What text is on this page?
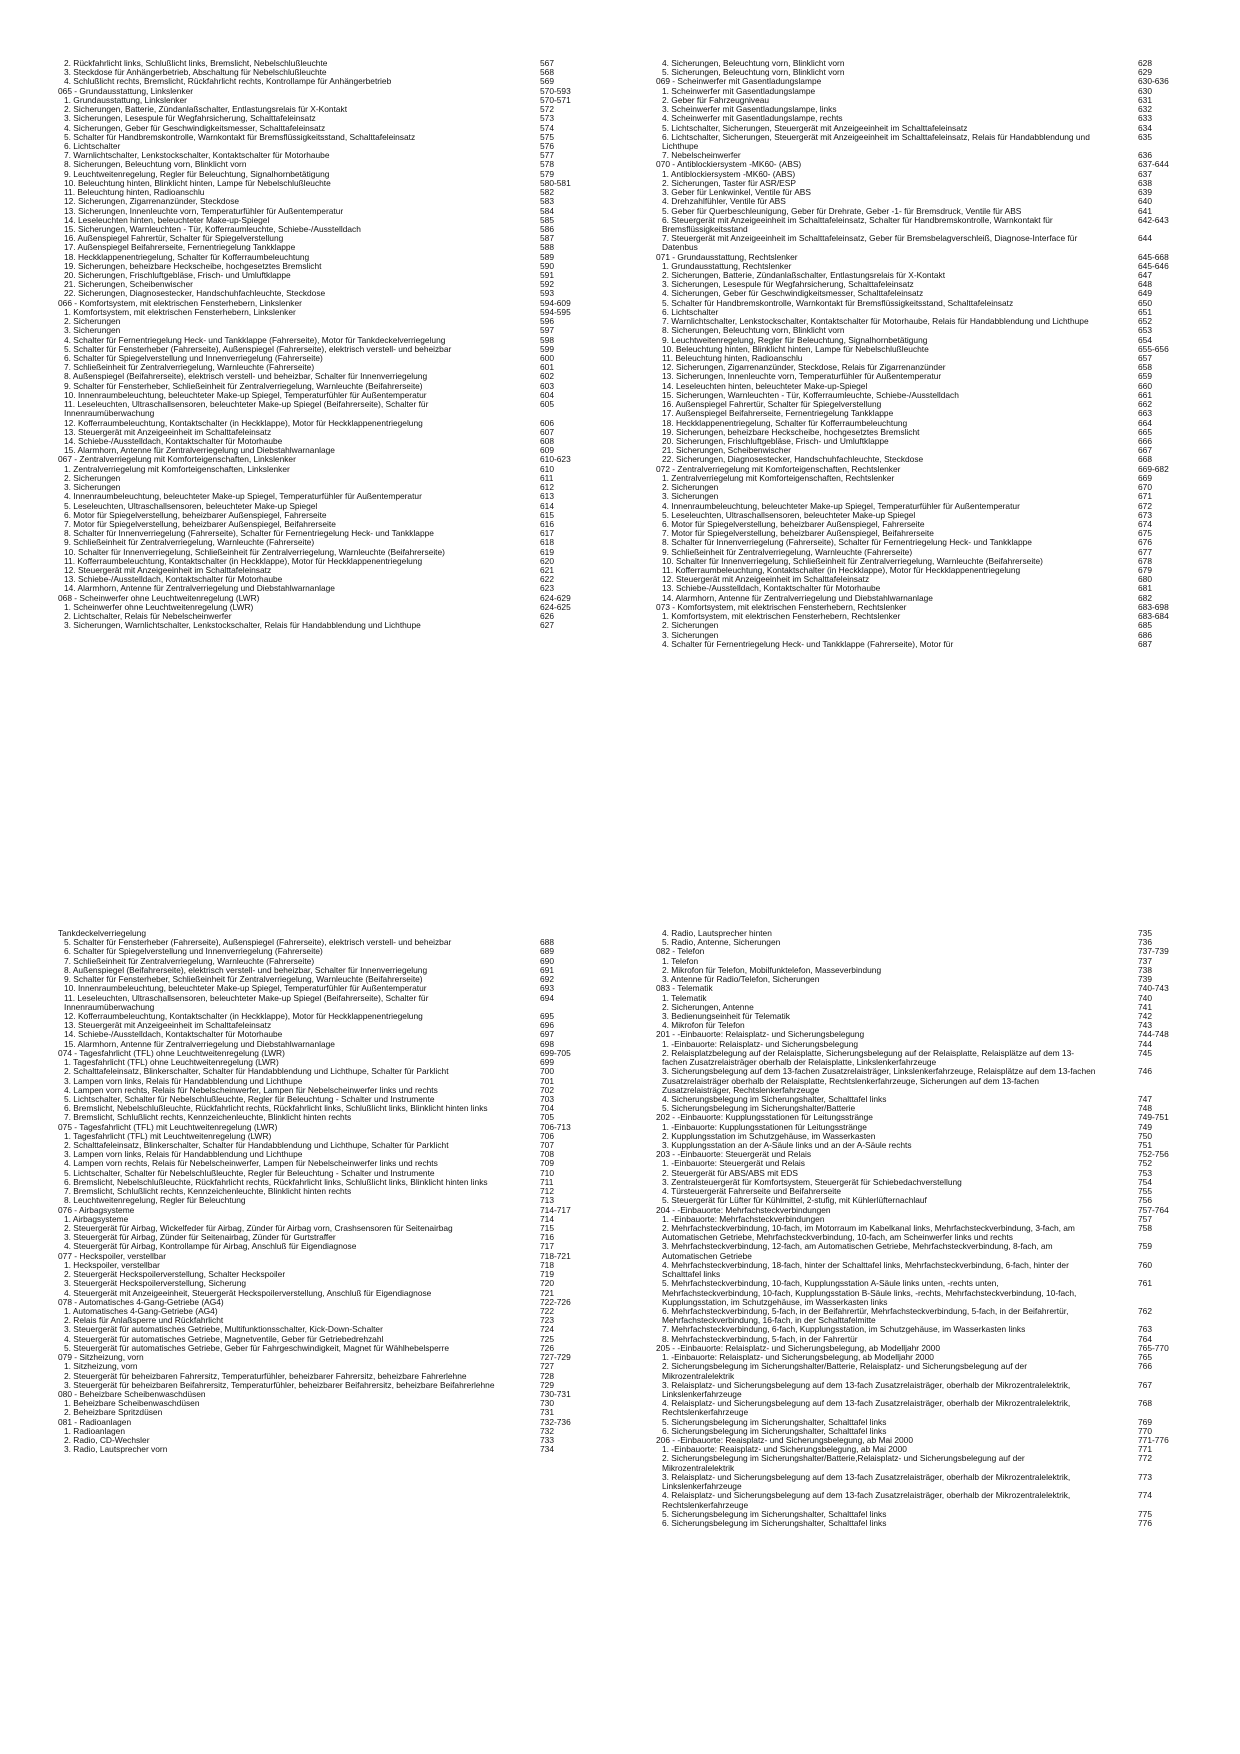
2. Rückfahrlicht links, Schlußlicht links, Bremslicht, Nebelschlußleuchte	567
3. Steckdose für Anhängerbetrieb, Abschaltung für Nebelschlußleuchte	568
4. Schlußlicht rechts, Bremslicht, Rückfahrlicht rechts, Kontrollampe für Anhängerbetrieb	569
065 - Grundausstattung, Linkslenker	570-593
1. Grundausstattung, Linkslenker	570-571
2. Sicherungen, Batterie, Zündanlaßschalter, Entlastungsrelais für X-Kontakt	572
3. Sicherungen, Lesespule für Wegfahrsicherung, Schalttafeleinsatz	573
4. Sicherungen, Geber für Geschwindigkeitsmesser, Schalttafeleinsatz	574
5. Schalter für Handbremskontrolle, Warnkontakt für Bremsflüssigkeitsstand, Schalttafeleinsatz	575
6. Lichtschalter	576
7. Warnlichtschalter, Lenkstockschalter, Kontaktschalter für Motorhaube	577
8. Sicherungen, Beleuchtung vorn, Blinklicht vorn	578
9. Leuchtweitenregelung, Regler für Beleuchtung, Signalhornbetätigung	579
10. Beleuchtung hinten, Blinklicht hinten, Lampe für Nebelschlußleuchte	580-581
11. Beleuchtung hinten, Radioanschlu	582
12. Sicherungen, Zigarrenanzünder, Steckdose	583
13. Sicherungen, Innenleuchte vorn, Temperaturfühler für Außentemperatur	584
14. Leseleuchten hinten, beleuchteter Make-up-Spiegel	585
15. Sicherungen, Warnleuchten - Tür, Kofferraumleuchte, Schiebe-/Ausstelldach	586
16. Außenspiegel Fahrertür, Schalter für Spiegelverstellung	587
17. Außenspiegel Beifahrerseite, Fernentriegelung Tankklappe	588
18. Heckklappenentriegelung, Schalter für Kofferraumbeleuchtung	589
19. Sicherungen, beheizbare Heckscheibe, hochgesetztes Bremslicht	590
20. Sicherungen, Frischluftgebläse, Frisch- und Umluftklappe	591
21. Sicherungen, Scheibenwischer	592
22. Sicherungen, Diagnosestecker, Handschuhfachleuchte, Steckdose	593
066 - Komfortsystem, mit elektrischen Fensterhebern, Linkslenker	594-609
1. Komfortsystem, mit elektrischen Fensterhebern, Linkslenker	594-595
2. Sicherungen	596
3. Sicherungen	597
4. Schalter für Fernentriegelung Heck- und Tankklappe (Fahrerseite), Motor für Tankdeckelverriegelung	598
5. Schalter für Fensterheber (Fahrerseite), Außenspiegel (Fahrerseite), elektrisch verstell- und beheizbar	599
6. Schalter für Spiegelverstellung und Innenverriegelung (Fahrerseite)	600
7. Schließeinheit für Zentralverriegelung, Warnleuchte (Fahrerseite)	601
8. Außenspiegel (Beifahrerseite), elektrisch verstell- und beheizbar, Schalter für Innenverriegelung	602
9. Schalter für Fensterheber, Schließeinheit für Zentralverriegelung, Warnleuchte (Beifahrerseite)	603
10. Innenraumbeleuchtung, beleuchteter Make-up Spiegel, Temperaturfühler für Außentemperatur	604
11. Leseleuchten, Ultraschallsensoren, beleuchteter Make-up Spiegel (Beifahrerseite), Schalter für Innenraumüberwachung
605
12. Kofferraumbeleuchtung, Kontaktschalter (in Heckklappe), Motor für Heckklappenentriegelung	606
13. Steuergerät mit Anzeigeeinheit im Schalttafeleinsatz	607
14. Schiebe-/Ausstelldach, Kontaktschalter für Motorhaube	608
15. Alarmhorn, Antenne für Zentralverriegelung und Diebstahlwarnanlage	609
067 - Zentralverriegelung mit Komforteigenschaften, Linkslenker	610-623
1. Zentralverriegelung mit Komforteigenschaften, Linkslenker	610
2. Sicherungen	611
3. Sicherungen	612
4. Innenraumbeleuchtung, beleuchteter Make-up Spiegel, Temperaturfühler für Außentemperatur	613
5. Leseleuchten, Ultraschallsensoren, beleuchteter Make-up Spiegel	614
6. Motor für Spiegelverstellung, beheizbarer Außenspiegel, Fahrerseite	615
7. Motor für Spiegelverstellung, beheizbarer Außenspiegel, Beifahrerseite	616
8. Schalter für Innenverriegelung (Fahrerseite), Schalter für Fernentriegelung Heck- und Tankklappe	617
9. Schließeinheit für Zentralverriegelung, Warnleuchte (Fahrerseite)	618
10. Schalter für Innenverriegelung, Schließeinheit für Zentralverriegelung, Warnleuchte (Beifahrerseite)	619
11. Kofferraumbeleuchtung, Kontaktschalter (in Heckklappe), Motor für Heckklappenentriegelung	620
12. Steuergerät mit Anzeigeeinheit im Schalttafeleinsatz	621
13. Schiebe-/Ausstelldach, Kontaktschalter für Motorhaube	622
14. Alarmhorn, Antenne für Zentralverriegelung und Diebstahlwarnanlage	623
068 - Scheinwerfer ohne Leuchtweitenregelung (LWR)	624-629
1. Scheinwerfer ohne Leuchtweitenregelung (LWR)	624-625
2. Lichtschalter, Relais für Nebelscheinwerfer	626
3. Sicherungen, Warnlichtschalter, Lenkstockschalter, Relais für Handabblendung und Lichthupe	627
4. Sicherungen, Beleuchtung vorn, Blinklicht vorn	628
5. Sicherungen, Beleuchtung vorn, Blinklicht vorn	629
069 - Scheinwerfer mit Gasentladungslampe	630-636
1. Scheinwerfer mit Gasentladungslampe	630
2. Geber für Fahrzeugniveau	631
3. Scheinwerfer mit Gasentladungslampe, links	632
4. Scheinwerfer mit Gasentladungslampe, rechts	633
5. Lichtschalter, Sicherungen, Steuergerät mit Anzeigeeinheit im Schalttafeleinsatz	634
6. Lichtschalter, Sicherungen, Steuergerät mit Anzeigeeinheit im Schalttafeleinsatz, Relais für Handabblendung und Lichthupe
635
7. Nebelscheinwerfer	636
070 - Antiblockiersystem -MK60- (ABS)	637-644
1. Antiblockiersystem -MK60- (ABS)	637
2. Sicherungen, Taster für ASR/ESP	638
3. Geber für Lenkwinkel, Ventile für ABS	639
4. Drehzahlfühler, Ventile für ABS	640
5. Geber für Querbeschleunigung, Geber für Drehrate, Geber -1- für Bremsdruck, Ventile für ABS	641
6. Steuergerät mit Anzeigeeinheit im Schalttafeleinsatz, Schalter für Handbremskontrolle, Warnkontakt für Bremsflüssigkeitsstand
642-643
7. Steuergerät mit Anzeigeeinheit im Schalttafeleinsatz, Geber für Bremsbelagverschleiß, Diagnose-Interface für Datenbus
644
071 - Grundausstattung, Rechtslenker	645-668
1. Grundausstattung, Rechtslenker	645-646
2. Sicherungen, Batterie, Zündanlaßschalter, Entlastungsrelais für X-Kontakt	647
3. Sicherungen, Lesespule für Wegfahrsicherung, Schalttafeleinsatz	648
4. Sicherungen, Geber für Geschwindigkeitsmesser, Schalttafeleinsatz	649
5. Schalter für Handbremskontrolle, Warnkontakt für Bremsflüssigkeitsstand, Schalttafeleinsatz	650
6. Lichtschalter	651
7. Warnlichtschalter, Lenkstockschalter, Kontaktschalter für Motorhaube, Relais für Handabblendung und Lichthupe	652
8. Sicherungen, Beleuchtung vorn, Blinklicht vorn	653
9. Leuchtweitenregelung, Regler für Beleuchtung, Signalhornbetätigung	654
10. Beleuchtung hinten, Blinklicht hinten, Lampe für Nebelschlußleuchte	655-656
11. Beleuchtung hinten, Radioanschlu	657
12. Sicherungen, Zigarrenanzünder, Steckdose, Relais für Zigarrenanzünder	658
13. Sicherungen, Innenleuchte vorn, Temperaturfühler für Außentemperatur	659
14. Leseleuchten hinten, beleuchteter Make-up-Spiegel	660
15. Sicherungen, Warnleuchten - Tür, Kofferraumleuchte, Schiebe-/Ausstelldach	661
16. Außenspiegel Fahrertür, Schalter für Spiegelverstellung	662
17. Außenspiegel Beifahrerseite, Fernentriegelung Tankklappe	663
18. Heckklappenentriegelung, Schalter für Kofferraumbeleuchtung	664
19. Sicherungen, beheizbare Heckscheibe, hochgesetztes Bremslicht	665
20. Sicherungen, Frischluftgebläse, Frisch- und Umluftklappe	666
21. Sicherungen, Scheibenwischer	667
22. Sicherungen, Diagnosestecker, Handschuhfachleuchte, Steckdose	668
072 - Zentralverriegelung mit Komforteigenschaften, Rechtslenker	669-682
1. Zentralverriegelung mit Komforteigenschaften, Rechtslenker	669
2. Sicherungen	670
3. Sicherungen	671
4. Innenraumbeleuchtung, beleuchteter Make-up Spiegel, Temperaturfühler für Außentemperatur	672
5. Leseleuchten, Ultraschallsensoren, beleuchteter Make-up Spiegel	673
6. Motor für Spiegelverstellung, beheizbarer Außenspiegel, Fahrerseite	674
7. Motor für Spiegelverstellung, beheizbarer Außenspiegel, Beifahrerseite	675
8. Schalter für Innenverriegelung (Fahrerseite), Schalter für Fernentriegelung Heck- und Tankklappe	676
9. Schließeinheit für Zentralverriegelung, Warnleuchte (Fahrerseite)	677
10. Schalter für Innenverriegelung, Schließeinheit für Zentralverriegelung, Warnleuchte (Beifahrerseite)	678
11. Kofferraumbeleuchtung, Kontaktschalter (in Heckklappe), Motor für Heckklappenentriegelung	679
12. Steuergerät mit Anzeigeeinheit im Schalttafeleinsatz	680
13. Schiebe-/Ausstelldach, Kontaktschalter für Motorhaube	681
14. Alarmhorn, Antenne für Zentralverriegelung und Diebstahlwarnanlage	682
073 - Komfortsystem, mit elektrischen Fensterhebern, Rechtslenker	683-698
1. Komfortsystem, mit elektrischen Fensterhebern, Rechtslenker	683-684
2. Sicherungen	685
3. Sicherungen	686
4. Schalter für Fernentriegelung Heck- und Tankklappe (Fahrerseite), Motor für	687
Tankdeckelverriegelung
5. Schalter für Fensterheber (Fahrerseite), Außenspiegel (Fahrerseite), elektrisch verstell- und beheizbar	688
6. Schalter für Spiegelverstellung und Innenverriegelung (Fahrerseite)	689
7. Schließeinheit für Zentralverriegelung, Warnleuchte (Fahrerseite)	690
8. Außenspiegel (Beifahrerseite), elektrisch verstell- und beheizbar, Schalter für Innenverriegelung	691
9. Schalter für Fensterheber, Schließeinheit für Zentralverriegelung, Warnleuchte (Beifahrerseite)	692
10. Innenraumbeleuchtung, beleuchteter Make-up Spiegel, Temperaturfühler für Außentemperatur	693
11. Leseleuchten, Ultraschallsensoren, beleuchteter Make-up Spiegel (Beifahrerseite), Schalter für Innenraumüberwachung
694
12. Kofferraumbeleuchtung, Kontaktschalter (in Heckklappe), Motor für Heckklappenentriegelung	695
13. Steuergerät mit Anzeigeeinheit im Schalttafeleinsatz	696
14. Schiebe-/Ausstelldach, Kontaktschalter für Motorhaube	697
15. Alarmhorn, Antenne für Zentralverriegelung und Diebstahlwarnanlage	698
074 - Tagesfahrlicht (TFL) ohne Leuchtweitenregelung (LWR)	699-705
1. Tagesfahrlicht (TFL) ohne Leuchtweitenregelung (LWR)	699
2. Schalttafeleinsatz, Blinkerschalter, Schalter für Handabblendung und Lichthupe, Schalter für Parklicht	700
3. Lampen vorn links, Relais für Handabblendung und Lichthupe	701
4. Lampen vorn rechts, Relais für Nebelscheinwerfer, Lampen für Nebelscheinwerfer links und rechts	702
5. Lichtschalter, Schalter für Nebelschlußleuchte, Regler für Beleuchtung - Schalter und Instrumente	703
6. Bremslicht, Nebelschlußleuchte, Rückfahrlicht rechts, Rückfahrlicht links, Schlußlicht links, Blinklicht hinten links	704
7. Bremslicht, Schlußlicht rechts, Kennzeichenleuchte, Blinklicht hinten rechts	705
075 - Tagesfahrlicht (TFL) mit Leuchtweitenregelung (LWR)	706-713
1. Tagesfahrlicht (TFL) mit Leuchtweitenregelung (LWR)	706
2. Schalttafeleinsatz, Blinkerschalter, Schalter für Handabblendung und Lichthupe, Schalter für Parklicht	707
3. Lampen vorn links, Relais für Handabblendung und Lichthupe	708
4. Lampen vorn rechts, Relais für Nebelscheinwerfer, Lampen für Nebelscheinwerfer links und rechts	709
5. Lichtschalter, Schalter für Nebelschlußleuchte, Regler für Beleuchtung - Schalter und Instrumente	710
6. Bremslicht, Nebelschlußleuchte, Rückfahrlicht rechts, Rückfahrlicht links, Schlußlicht links, Blinklicht hinten links	711
7. Bremslicht, Schlußlicht rechts, Kennzeichenleuchte, Blinklicht hinten rechts	712
8. Leuchtweitenregelung, Regler für Beleuchtung	713
076 - Airbagsysteme	714-717
1. Airbagsysteme	714
2. Steuergerät für Airbag, Wickelfeder für Airbag, Zünder für Airbag vorn, Crashsensoren für Seitenairbag	715
3. Steuergerät für Airbag, Zünder für Seitenairbag, Zünder für Gurtstraffer	716
4. Steuergerät für Airbag, Kontrollampe für Airbag, Anschluß für Eigendiagnose	717
077 - Heckspoiler, verstellbar	718-721
1. Heckspoiler, verstellbar	718
2. Steuergerät Heckspoilerverstellung, Schalter Heckspoiler	719
3. Steuergerät Heckspoilerverstellung, Sicherung	720
4. Steuergerät mit Anzeigeeinheit, Steuergerät Heckspoilerverstellung, Anschluß für Eigendiagnose	721
078 - Automatisches 4-Gang-Getriebe (AG4)	722-726
1. Automatisches 4-Gang-Getriebe (AG4)	722
2. Relais für Anlaßsperre und Rückfahrlicht	723
3. Steuergerät für automatisches Getriebe, Multifunktionsschalter, Kick-Down-Schalter	724
4. Steuergerät für automatisches Getriebe, Magnetventile, Geber für Getriebedrehzahl	725
5. Steuergerät für automatisches Getriebe, Geber für Fahrgeschwindigkeit, Magnet für Wählhebelsperre	726
079 - Sitzheizung, vorn	727-729
1. Sitzheizung, vorn	727
2. Steuergerät für beheizbaren Fahrersitz, Temperaturfühler, beheizbarer Fahrersitz, beheizbare Fahrerlehne	728
3. Steuergerät für beheizbaren Beifahrersitz, Temperaturfühler, beheizbarer Beifahrersitz, beheizbare Beifahrerlehne	729
080 - Beheizbare Scheibenwaschdüsen	730-731
1. Beheizbare Scheibenwaschdüsen	730
2. Beheizbare Spritzdüsen	731
081 - Radioanlagen	732-736
1. Radioanlagen	732
2. Radio, CD-Wechsler	733
3. Radio, Lautsprecher vorn	734
4. Radio, Lautsprecher hinten	735
5. Radio, Antenne, Sicherungen	736
082 - Telefon	737-739
1. Telefon	737
2. Mikrofon für Telefon, Mobilfunktelefon, Masseverbindung	738
3. Antenne für Radio/Telefon, Sicherungen	739
083 - Telematik	740-743
1. Telematik	740
2. Sicherungen, Antenne	741
3. Bedienungseinheit für Telematik	742
4. Mikrofon für Telefon	743
201 - -Einbauorte: Relaisplatz- und Sicherungsbelegung	744-748
1. -Einbauorte: Relaisplatz- und Sicherungsbelegung	744
2. Relaisplatzbelegung auf der Relaisplatte, Sicherungsbelegung auf der Relaisplatte, Relaisplätze auf dem 13-fachen Zusatzrelaisträger oberhalb der Relaisplatte, Linkslenkerfahrzeuge
745
3. Sicherungsbelegung auf dem 13-fachen Zusatzrelaisträger, Linkslenkerfahrzeuge, Relaisplätze auf dem 13-fachen Zusatzrelaisträger oberhalb der Relaisplatte, Rechtslenkerfahrzeuge, Sicherungen auf dem 13-fachen Zusatzrelaisträger, Rechtslenkerfahrzeuge
746
4. Sicherungsbelegung im Sicherungshalter, Schalttafel links	747
5. Sicherungsbelegung im Sicherungshalter/Batterie	748
202 - -Einbauorte: Kupplungsstationen für Leitungsstränge	749-751
1. -Einbauorte: Kupplungsstationen für Leitungsstränge	749
2. Kupplungsstation im Schutzgehäuse, im Wasserkasten	750
3. Kupplungsstation an der A-Säule links und an der A-Säule rechts	751
203 - -Einbauorte: Steuergerät und Relais	752-756
1. -Einbauorte: Steuergerät und Relais	752
2. Steuergerät für ABS/ABS mit EDS	753
3. Zentralsteuergerät für Komfortsystem, Steuergerät für Schiebedachverstellung	754
4. Türsteuergerät Fahrerseite und Beifahrerseite	755
5. Steuergerät für Lüfter für Kühlmittel, 2-stufig, mit Kühlerlüfternachlauf	756
204 - -Einbauorte: Mehrfachsteckverbindungen	757-764
1. -Einbauorte: Mehrfachsteckverbindungen	757
2. Mehrfachsteckverbindung, 10-fach, im Motorraum im Kabelkanal links, Mehrfachsteckverbindung, 3-fach, am Automatischen Getriebe, Mehrfachsteckverbindung, 10-fach, am Scheinwerfer links und rechts
758
3. Mehrfachsteckverbindung, 12-fach, am Automatischen Getriebe, Mehrfachsteckverbindung, 8-fach, am Automatischen Getriebe
759
4. Mehrfachsteckverbindung, 18-fach, hinter der Schalttafel links, Mehrfachsteckverbindung, 6-fach, hinter der Schalttafel links
760
5. Mehrfachsteckverbindung, 10-fach, Kupplungsstation A-Säule links unten, -rechts unten, Mehrfachsteckverbindung, 10-fach, Kupplungsstation B-Säule links, -rechts, Mehrfachsteckverbindung, 10-fach, Kupplungsstation, im Schutzgehäuse, im Wasserkasten links
761
6. Mehrfachsteckverbindung, 5-fach, in der Beifahrertür, Mehrfachsteckverbindung, 5-fach, in der Beifahrertür, Mehrfachsteckverbindung, 16-fach, in der Schalttafelmitte
762
7. Mehrfachsteckverbindung, 6-fach, Kupplungsstation, im Schutzgehäuse, im Wasserkasten links	763
8. Mehrfachsteckverbindung, 5-fach, in der Fahrertür	764
205 - -Einbauorte: Relaisplatz- und Sicherungsbelegung, ab Modelljahr 2000	765-770
1. -Einbauorte: Relaisplatz- und Sicherungsbelegung, ab Modelljahr 2000	765
2. Sicherungsbelegung im Sicherungshalter/Batterie, Relaisplatz- und Sicherungsbelegung auf der Mikrozentralelektrik
766
3. Relaisplatz- und Sicherungsbelegung auf dem 13-fach Zusatzrelaisträger, oberhalb der Mikrozentralelektrik, Linkslenkerfahrzeuge
767
4. Relaisplatz- und Sicherungsbelegung auf dem 13-fach Zusatzrelaisträger, oberhalb der Mikrozentralelektrik, Rechtslenkerfahrzeuge
768
5. Sicherungsbelegung im Sicherungshalter, Schalttafel links	769
6. Sicherungsbelegung im Sicherungshalter, Schalttafel links	770
206 - -Einbauorte: Reaisplatz- und Sicherungsbelegung, ab Mai 2000	771-776
1. -Einbauorte: Reaisplatz- und Sicherungsbelegung, ab Mai 2000	771
2. Sicherungsbelegung im Sicherungshalter/Batterie,Relaisplatz- und Sicherungsbelegung auf der Mikrozentralelektrik
772
3. Relaisplatz- und Sicherungsbelegung auf dem 13-fach Zusatzrelaisträger, oberhalb der Mikrozentralelektrik, Linkslenkerfahrzeuge
773
4. Relaisplatz- und Sicherungsbelegung auf dem 13-fach Zusatzrelaisträger, oberhalb der Mikrozentralelektrik, Rechtslenkerfahrzeuge
774
5. Sicherungsbelegung im Sicherungshalter, Schalttafel links	775
6. Sicherungsbelegung im Sicherungshalter, Schalttafel links	776
